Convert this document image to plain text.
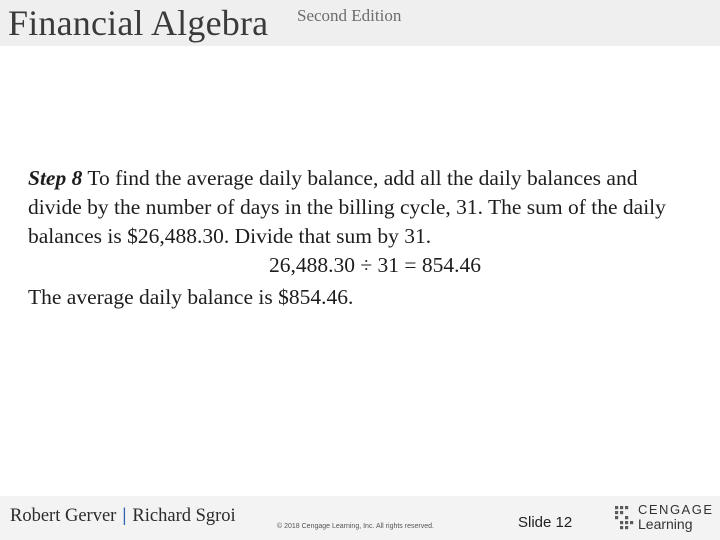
Financial Algebra Second Edition

Step 8 To find the average daily balance, add all the daily balances and divide by the number of days in the billing cycle, 31. The sum of the daily balances is $26,488.30. Divide that sum by 31.

26,488.30 ÷ 31 = 854.46

The average daily balance is $854.46.

Robert Gerver | Richard Sgroi
© 2018 Cengage Learning, Inc. All rights reserved.	Slide 12
CENGAGE
Learning
